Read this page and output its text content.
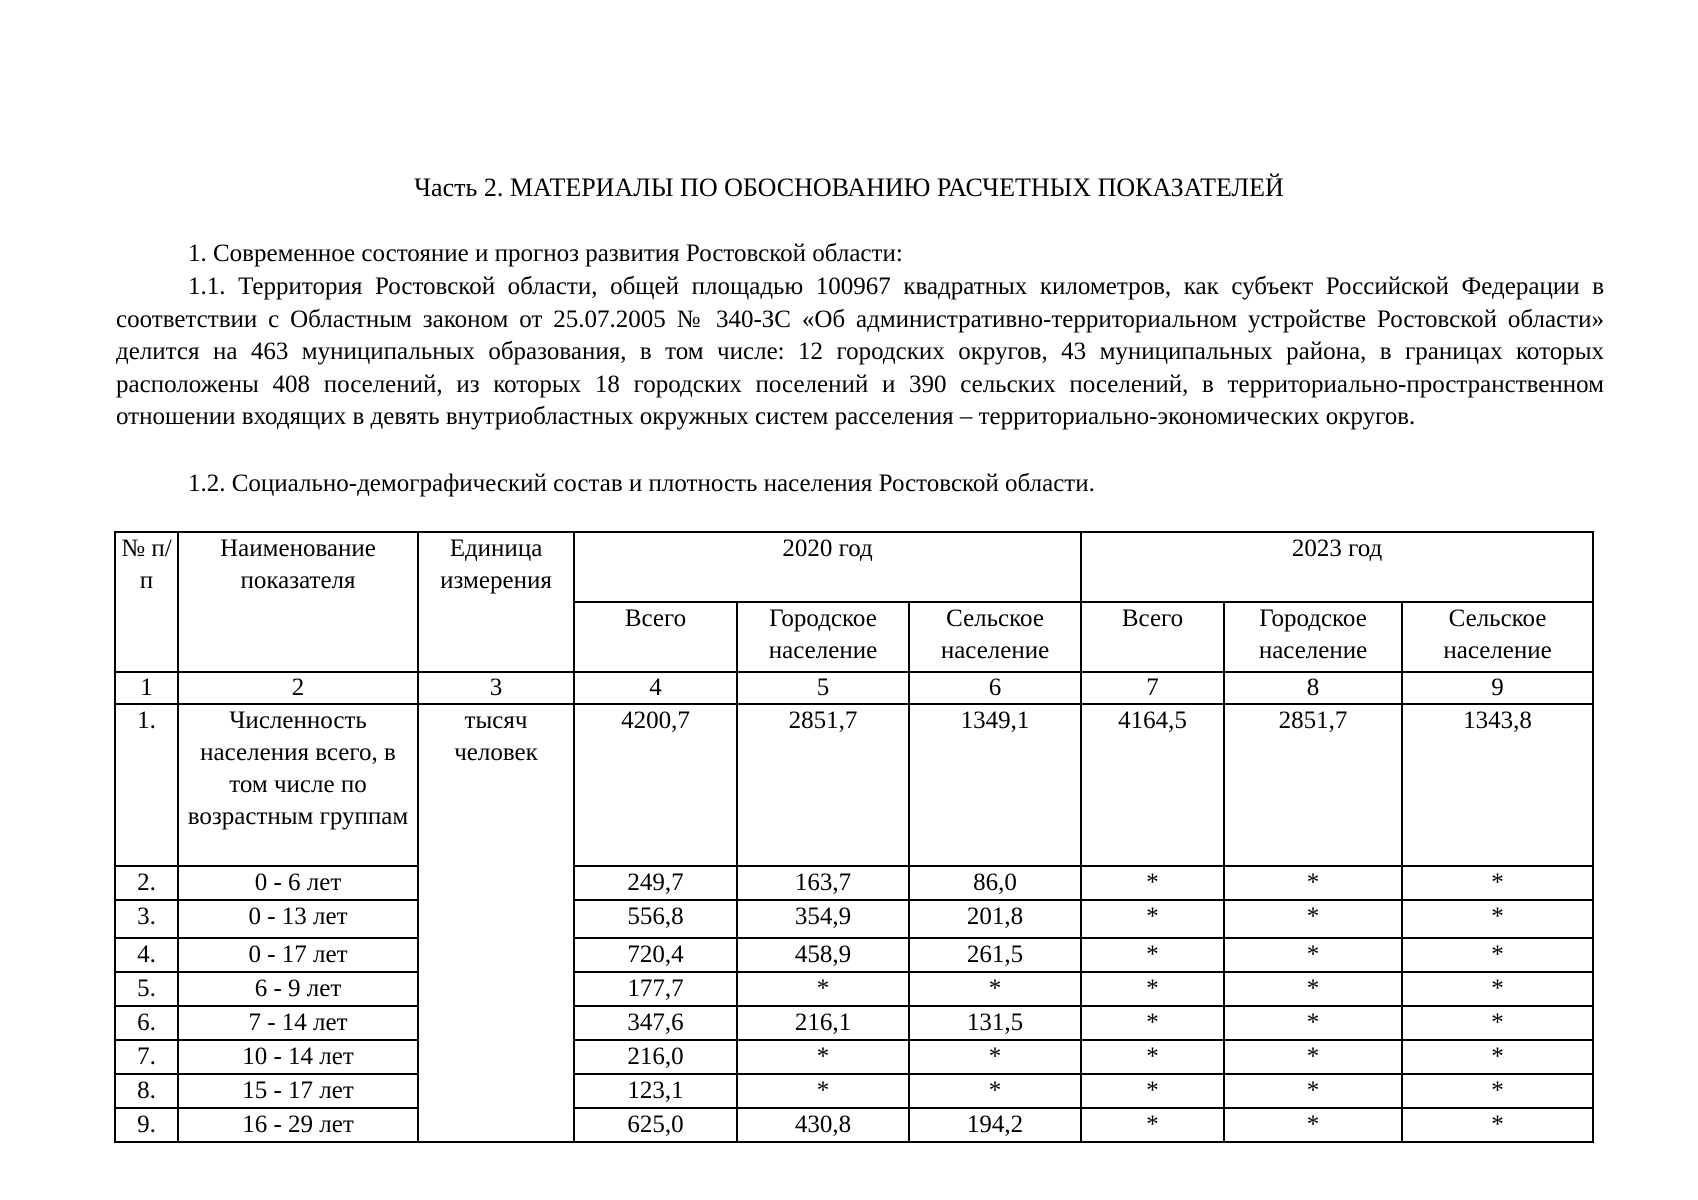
Часть 2. МАТЕРИАЛЫ ПО ОБОСНОВАНИЮ РАСЧЕТНЫХ ПОКАЗАТЕЛЕЙ

1. Современное состояние и прогноз развития Ростовской области:

1.1. Территория Ростовской области, общей площадью 100967 квадратных километров, как субъект Российской Федерации в соответствии с Областным законом от 25.07.2005 № 340-ЗС «Об административно-территориальном устройстве Ростовской области» делится на 463 муниципальных образования, в том числе: 12 городских округов, 43 муниципальных района, в границах которых расположены 408 поселений, из которых 18 городских поселений и 390 сельских поселений, в территориально-пространственном отношении входящих в девять внутриобластных окружных систем расселения – территориально-экономических округов.

1.2. Социально-демографический состав и плотность населения Ростовской области.

№ п/п	Наименование показателя	Единица измерения	2020 год			2023 год		
			Всего	Городское население	Сельское население	Всего	Городское население	Сельское население
1	2	3	4	5	6	7	8	9
1.	Численность населения всего, в том числе по возрастным группам	тысяч человек	4200,7	2851,7	1349,1	4164,5	2851,7	1343,8
2.	0 - 6 лет		249,7	163,7	86,0	*	*	*
3.	0 - 13 лет		556,8	354,9	201,8	*	*	*
4.	0 - 17 лет		720,4	458,9	261,5	*	*	*
5.	6 - 9 лет		177,7	*	*	*	*	*
6.	7 - 14 лет		347,6	216,1	131,5	*	*	*
7.	10 - 14 лет		216,0	*	*	*	*	*
8.	15 - 17 лет		123,1	*	*	*	*	*
9.	16 - 29 лет		625,0	430,8	194,2	*	*	*
